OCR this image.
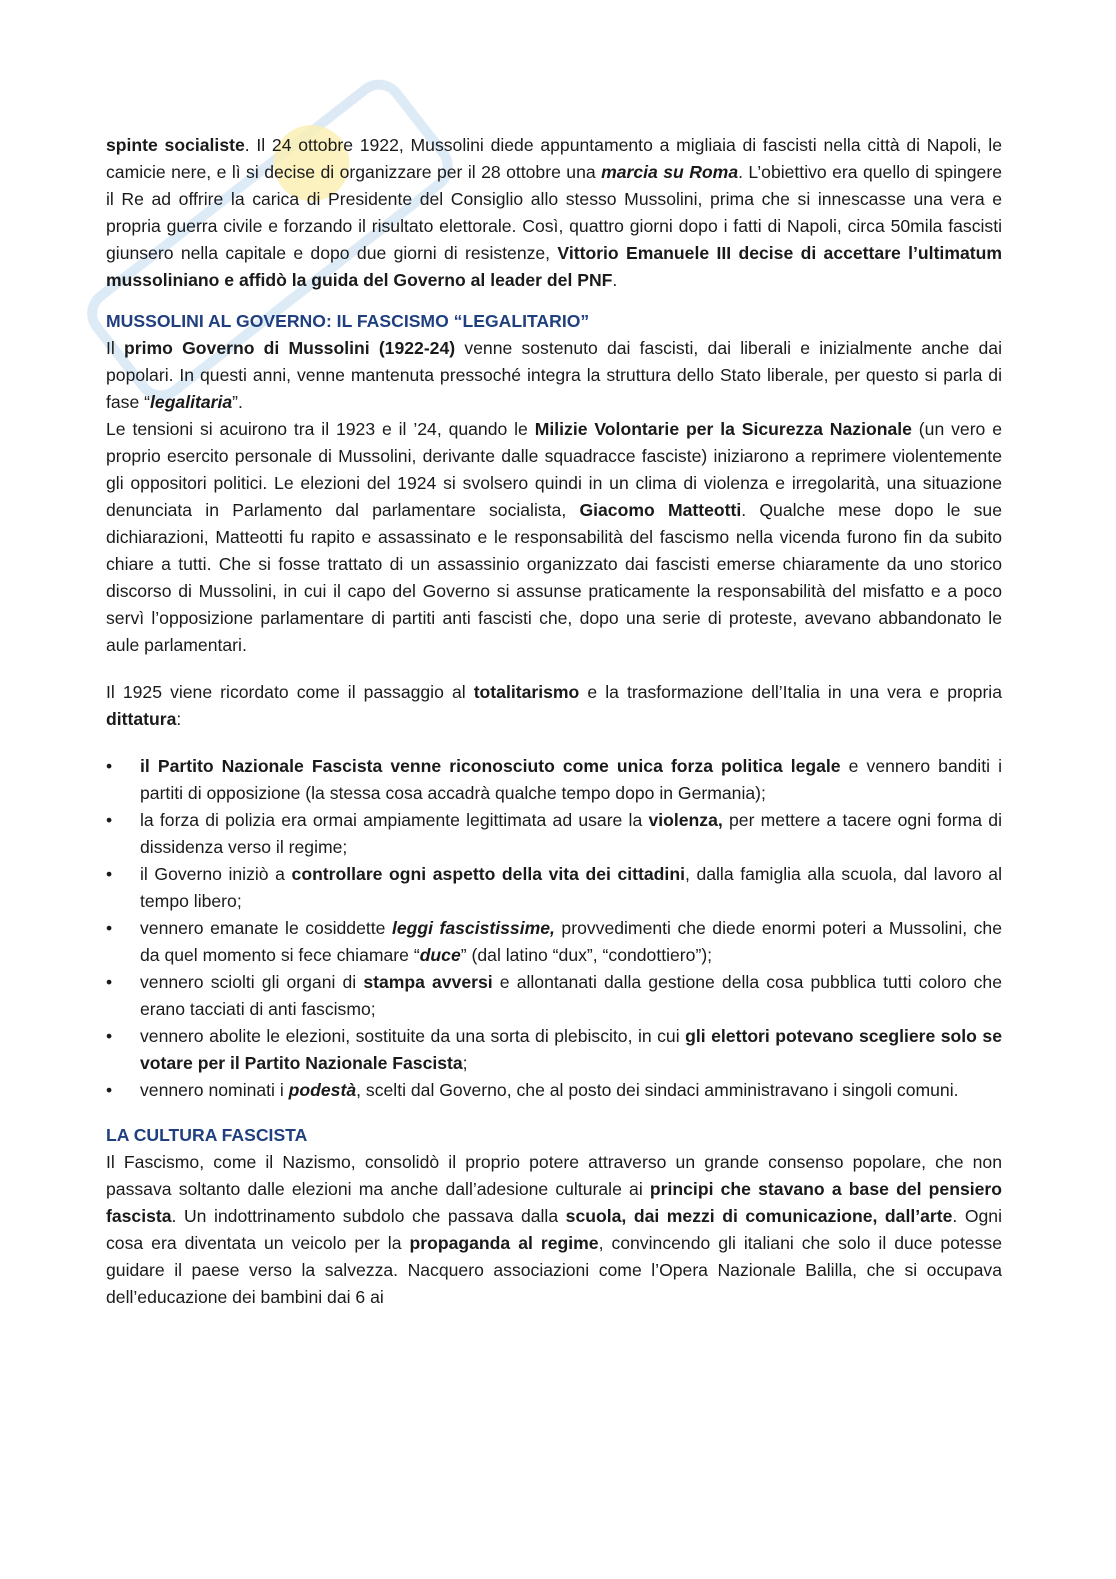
spinte socialiste. Il 24 ottobre 1922, Mussolini diede appuntamento a migliaia di fascisti nella città di Napoli, le camicie nere, e lì si decise di organizzare per il 28 ottobre una marcia su Roma. L’obiettivo era quello di spingere il Re ad offrire la carica di Presidente del Consiglio allo stesso Mussolini, prima che si innescasse una vera e propria guerra civile e forzando il risultato elettorale. Così, quattro giorni dopo i fatti di Napoli, circa 50mila fascisti giunsero nella capitale e dopo due giorni di resistenze, Vittorio Emanuele III decise di accettare l’ultimatum mussoliniano e affidò la guida del Governo al leader del PNF.

MUSSOLINI AL GOVERNO: IL FASCISMO “LEGALITARIO”

Il primo Governo di Mussolini (1922-24) venne sostenuto dai fascisti, dai liberali e inizialmente anche dai popolari. In questi anni, venne mantenuta pressoché integra la struttura dello Stato liberale, per questo si parla di fase “legalitaria”.

Le tensioni si acuirono tra il 1923 e il ’24, quando le Milizie Volontarie per la Sicurezza Nazionale (un vero e proprio esercito personale di Mussolini, derivante dalle squadracce fasciste) iniziarono a reprimere violentemente gli oppositori politici. Le elezioni del 1924 si svolsero quindi in un clima di violenza e irregolarità, una situazione denunciata in Parlamento dal parlamentare socialista, Giacomo Matteotti. Qualche mese dopo le sue dichiarazioni, Matteotti fu rapito e assassinato e le responsabilità del fascismo nella vicenda furono fin da subito chiare a tutti. Che si fosse trattato di un assassinio organizzato dai fascisti emerse chiaramente da uno storico discorso di Mussolini, in cui il capo del Governo si assunse praticamente la responsabilità del misfatto e a poco servì l’opposizione parlamentare di partiti anti fascisti che, dopo una serie di proteste, avevano abbandonato le aule parlamentari.

Il 1925 viene ricordato come il passaggio al totalitarismo e la trasformazione dell’Italia in una vera e propria dittatura:

• il Partito Nazionale Fascista venne riconosciuto come unica forza politica legale e vennero banditi i partiti di opposizione (la stessa cosa accadrà qualche tempo dopo in Germania);
• la forza di polizia era ormai ampiamente legittimata ad usare la violenza, per mettere a tacere ogni forma di dissidenza verso il regime;
• il Governo iniziò a controllare ogni aspetto della vita dei cittadini, dalla famiglia alla scuola, dal lavoro al tempo libero;
• vennero emanate le cosiddette leggi fascistissime, provvedimenti che diede enormi poteri a Mussolini, che da quel momento si fece chiamare “duce” (dal latino “dux”, “condottiero”);
• vennero sciolti gli organi di stampa avversi e allontanati dalla gestione della cosa pubblica tutti coloro che erano tacciati di anti fascismo;
• vennero abolite le elezioni, sostituite da una sorta di plebiscito, in cui gli elettori potevano scegliere solo se votare per il Partito Nazionale Fascista;
• vennero nominati i podestà, scelti dal Governo, che al posto dei sindaci amministravano i singoli comuni.
LA CULTURA FASCISTA

Il Fascismo, come il Nazismo, consolidò il proprio potere attraverso un grande consenso popolare, che non passava soltanto dalle elezioni ma anche dall’adesione culturale ai principi che stavano a base del pensiero fascista. Un indottrinamento subdolo che passava dalla scuola, dai mezzi di comunicazione, dall’arte. Ogni cosa era diventata un veicolo per la propaganda al regime, convincendo gli italiani che solo il duce potesse guidare il paese verso la salvezza. Nacquero associazioni come l’Opera Nazionale Balilla, che si occupava dell’educazione dei bambini dai 6 ai
